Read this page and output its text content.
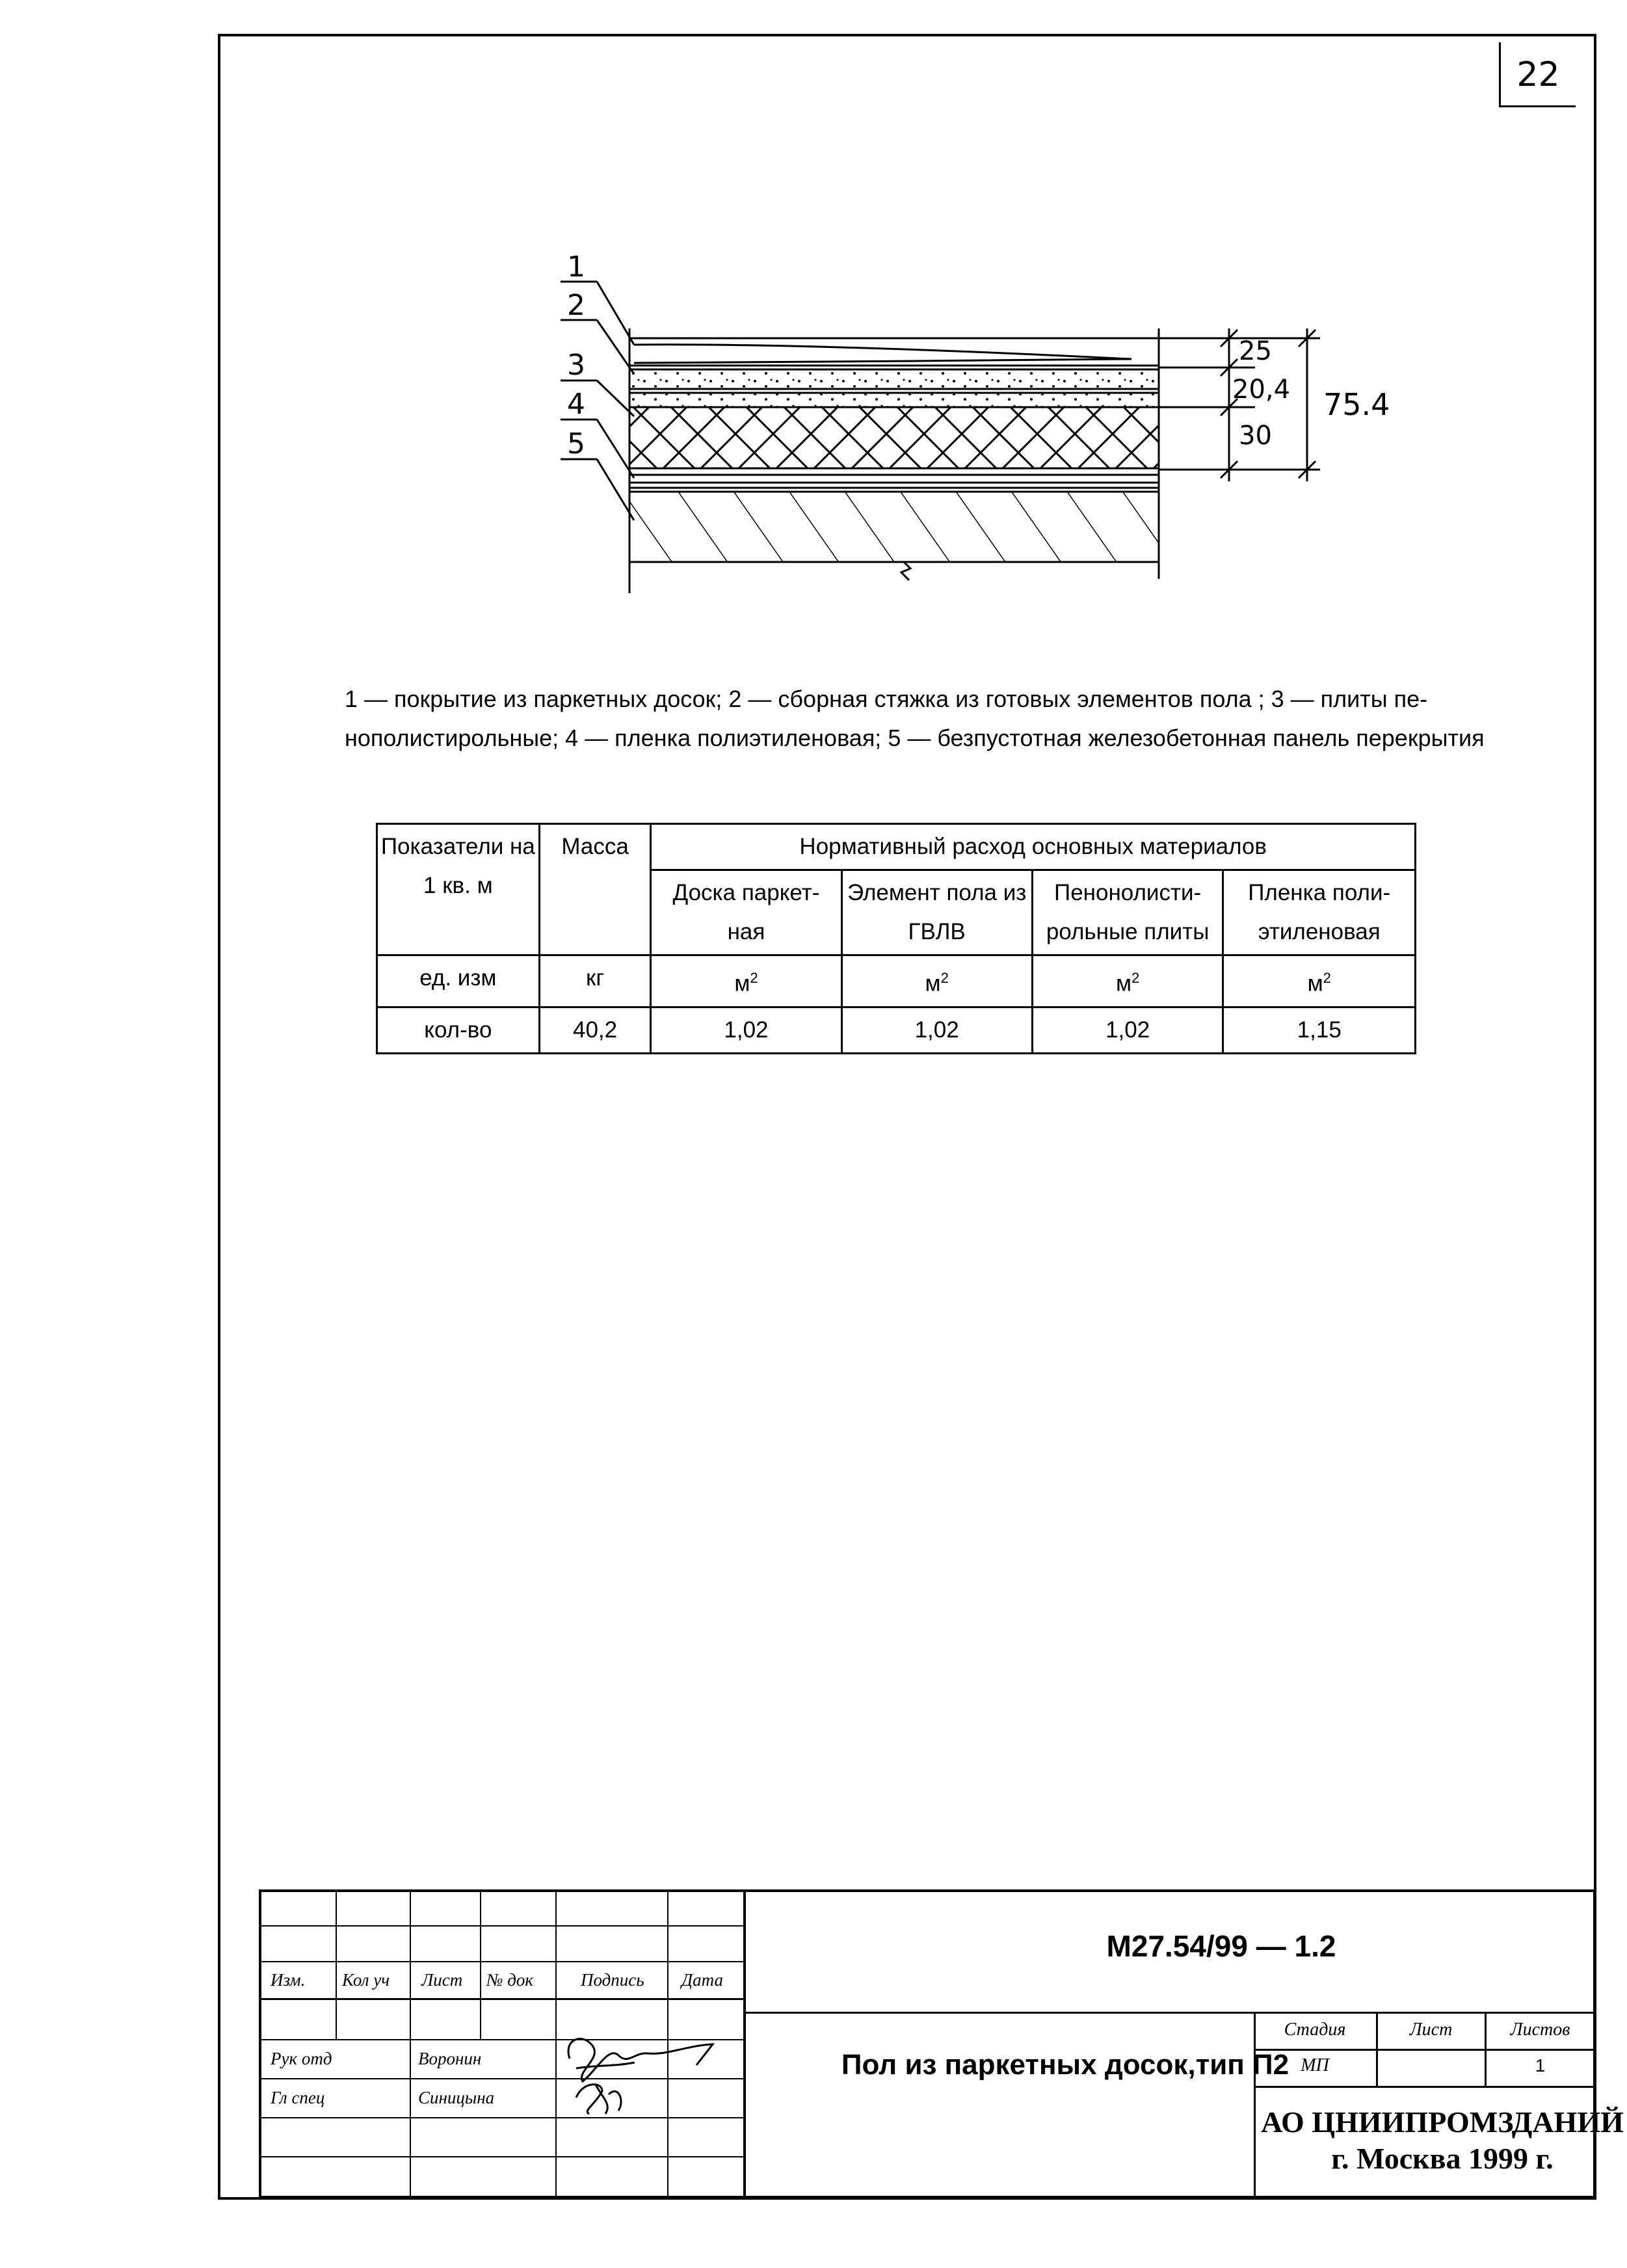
22
1
2
3
4
5
25
20,4
30
75.4
1 — покрытие из паркетных досок; 2 — сборная стяжка из готовых элементов пола ; 3 — плиты пе-
нополистирольные; 4 — пленка полиэтиленовая; 5 — безпустотная железобетонная панель перекрытия
Показатели на 1 кв. м	Масса	Нормативный расход основных материалов			
		Доска паркет-ная	Элемент пола из ГВЛВ	Пенонолисти-рольные плиты	Пленка поли-этиленовая
ед. изм	кг	$м^2$	$м^2$	$м^2$	$м^2$
кол-во	40,2	1,02	1,02	1,02	1,15
Изм. Кол уч Лист № док	Подпись Дата
Рук отд	Воронин
Гл спец	Синицына
М27.54/99 — 1.2
Пол из паркетных досок,тип П2
Стадия	Лист	Листов
МП	1
АО ЦНИИПРОМЗДАНИЙ
г. Москва 1999 г.
